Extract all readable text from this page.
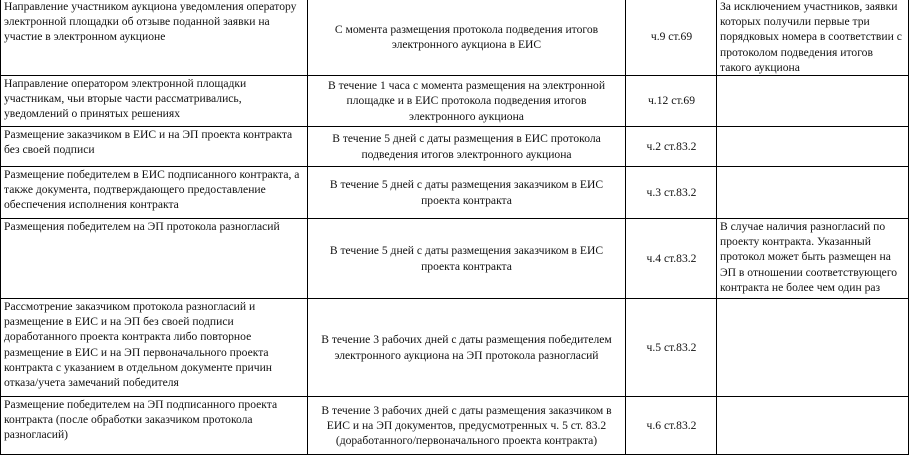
Направление участником аукциона уведомления оператору электронной площадки об отзыве поданной заявки на участие в электронном аукционе	С момента размещения протокола подведения итогов электронного аукциона в ЕИС	ч.9 ст.69	За исключением участников, заявки которых получили первые три порядковых номера в соответствии с протоколом подведения итогов такого аукциона
Направление оператором электронной площадки участникам, чьи вторые части рассматривались, уведомлений о принятых решениях	В течение 1 часа с момента размещения на электронной площадке и в ЕИС протокола подведения итогов электронного аукциона	ч.12 ст.69	
Размещение заказчиком в ЕИС и на ЭП проекта контракта без своей подписи	В течение 5 дней с даты размещения в ЕИС протокола подведения итогов электронного аукциона	ч.2 ст.83.2	
Размещение победителем в ЕИС подписанного контракта, а также документа, подтверждающего предоставление обеспечения исполнения контракта	В течение 5 дней с даты размещения заказчиком в ЕИС проекта контракта	ч.3 ст.83.2	
Размещения победителем на ЭП протокола разногласий	В течение 5 дней с даты размещения заказчиком в ЕИС проекта контракта	ч.4 ст.83.2	В случае наличия разногласий по проекту контракта. Указанный протокол может быть размещен на ЭП в отношении соответствующего контракта не более чем один раз
Рассмотрение заказчиком протокола разногласий и размещение в ЕИС и на ЭП без своей подписи доработанного проекта контракта либо повторное размещение в ЕИС и на ЭП первоначального проекта контракта с указанием в отдельном документе причин отказа/учета замечаний победителя	В течение 3 рабочих дней с даты размещения победителем электронного аукциона на ЭП протокола разногласий	ч.5 ст.83.2	
Размещение победителем на ЭП подписанного проекта контракта (после обработки заказчиком протокола разногласий)	В течение 3 рабочих дней с даты размещения заказчиком в ЕИС и на ЭП документов, предусмотренных ч. 5 ст. 83.2 (доработанного/первоначального проекта контракта)	ч.6 ст.83.2	
